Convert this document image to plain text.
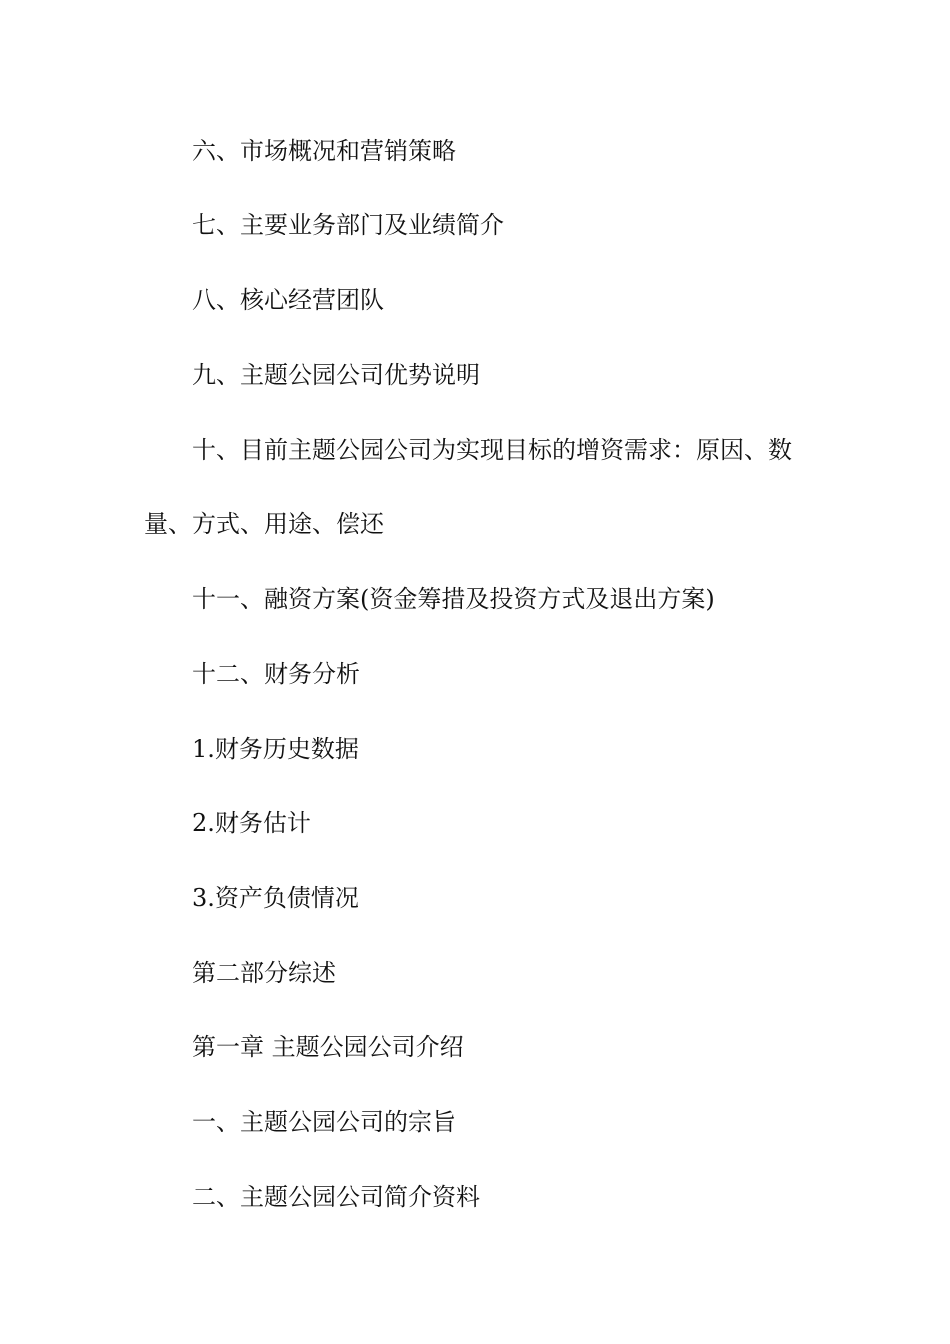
六、市场概况和营销策略
七、主要业务部门及业绩简介
八、核心经营团队
九、主题公园公司优势说明
十、目前主题公园公司为实现目标的增资需求：原因、数
量、方式、用途、偿还
十一、融资方案(资金筹措及投资方式及退出方案)
十二、财务分析
1.财务历史数据
2.财务估计
3.资产负债情况
第二部分综述
第一章 主题公园公司介绍
一、主题公园公司的宗旨
二、主题公园公司简介资料
